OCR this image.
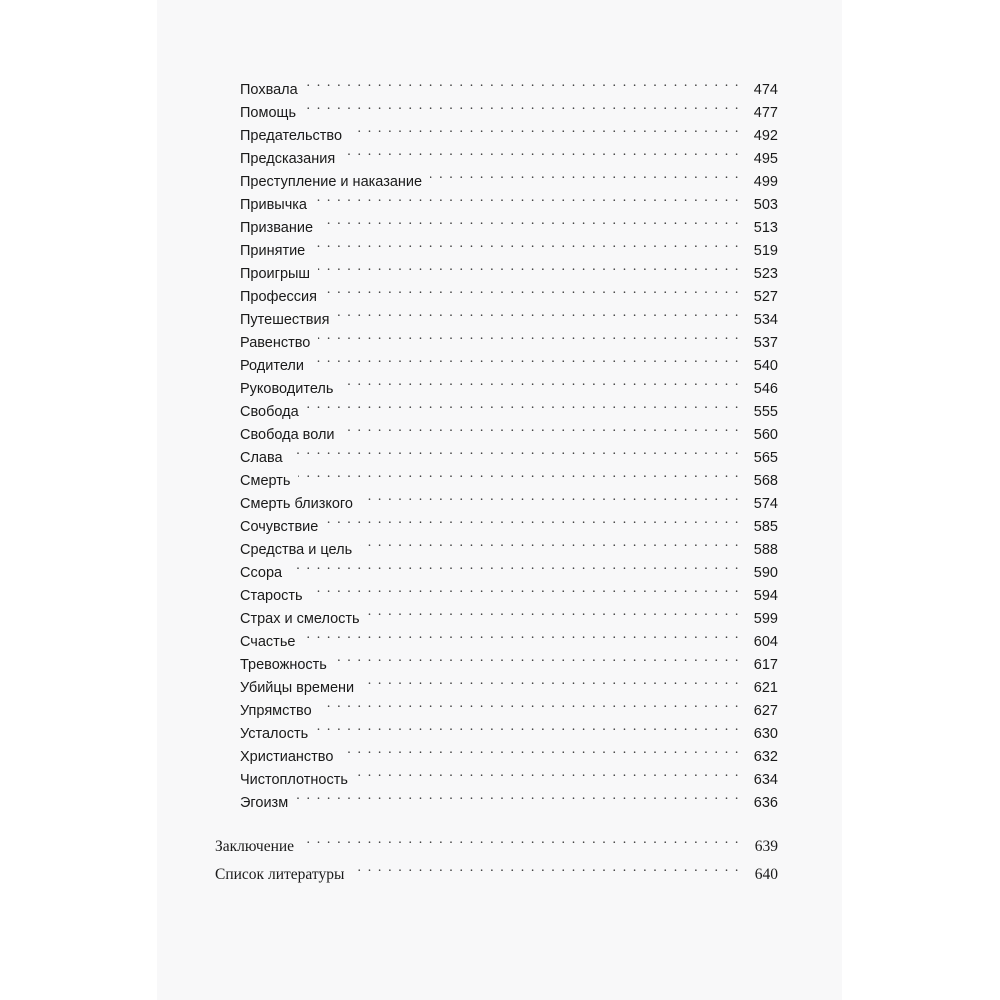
Похвала . . .	474
Помощь . . .	477
Предательство . . .	492
Предсказания . . .	495
Преступление и наказание . . .	499
Привычка . . .	503
Призвание . . .	513
Принятие . . .	519
Проигрыш . . .	523
Профессия . . .	527
Путешествия . . .	534
Равенство . . .	537
Родители . . .	540
Руководитель . . .	546
Свобода . . .	555
Свобода воли . . .	560
Слава . . .	565
Смерть . . .	568
Смерть близкого . . .	574
Сочувствие . . .	585
Средства и цель . . .	588
Ссора . . .	590
Старость . . .	594
Страх и смелость . . .	599
Счастье . . .	604
Тревожность . . .	617
Убийцы времени . . .	621
Упрямство . . .	627
Усталость . . .	630
Христианство . . .	632
Чистоплотность . . .	634
Эгоизм . . .	636
Заключение . . .	639
Список литературы . . .	640
